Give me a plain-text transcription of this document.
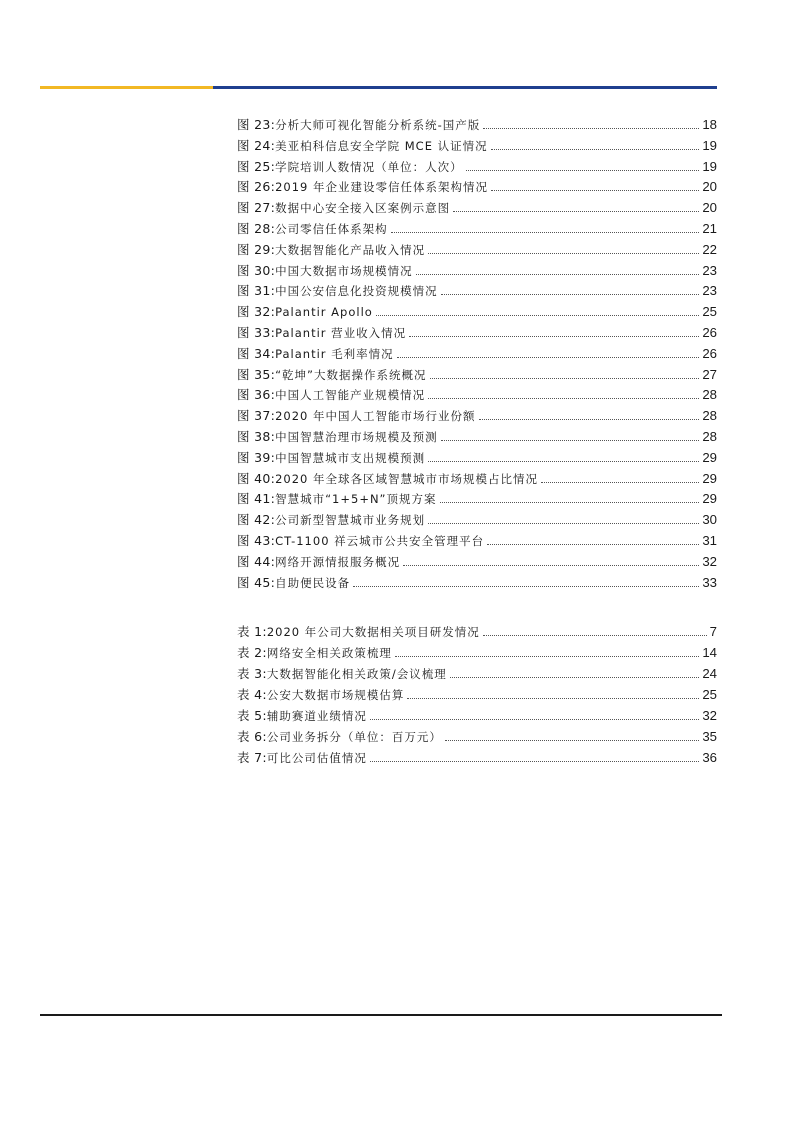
图 23: 分析大师可视化智能分析系统-国产版	18
图 24: 美亚柏科信息安全学院 MCE 认证情况	19
图 25: 学院培训人数情况（单位：人次）	19
图 26: 2019 年企业建设零信任体系架构情况	20
图 27: 数据中心安全接入区案例示意图	20
图 28: 公司零信任体系架构	21
图 29: 大数据智能化产品收入情况	22
图 30: 中国大数据市场规模情况	23
图 31: 中国公安信息化投资规模情况	23
图 32: Palantir Apollo	25
图 33: Palantir 营业收入情况	26
图 34: Palantir 毛利率情况	26
图 35: “乾坤”大数据操作系统概况	27
图 36: 中国人工智能产业规模情况	28
图 37: 2020 年中国人工智能市场行业份额	28
图 38: 中国智慧治理市场规模及预测	28
图 39: 中国智慧城市支出规模预测	29
图 40: 2020 年全球各区域智慧城市市场规模占比情况	29
图 41: 智慧城市“1+5+N”顶规方案	29
图 42: 公司新型智慧城市业务规划	30
图 43: CT-1100 祥云城市公共安全管理平台	31
图 44: 网络开源情报服务概况	32
图 45: 自助便民设备	33
表 1: 2020 年公司大数据相关项目研发情况	7
表 2: 网络安全相关政策梳理	14
表 3: 大数据智能化相关政策/会议梳理	24
表 4: 公安大数据市场规模估算	25
表 5: 辅助赛道业绩情况	32
表 6: 公司业务拆分（单位：百万元）	35
表 7: 可比公司估值情况	36
